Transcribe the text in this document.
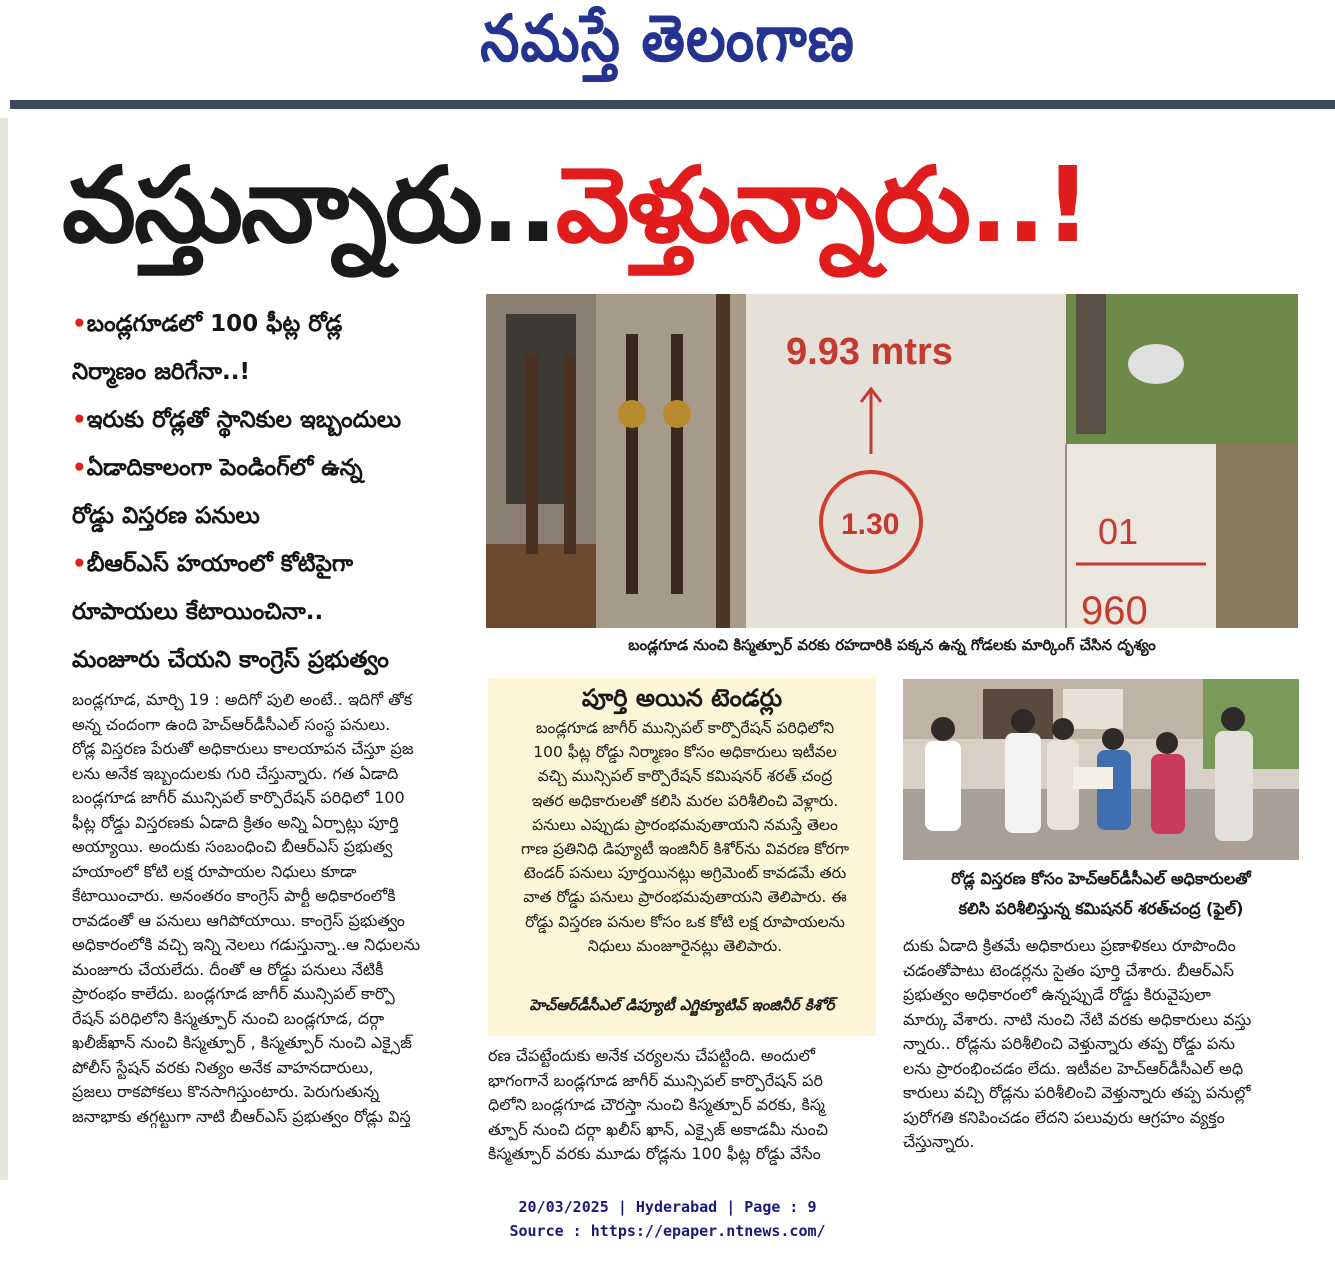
నమస్తే తెలంగాణ
వస్తున్నారు..వెళ్తున్నారు..!
•బండ్లగూడలో 100 ఫీట్ల రోడ్ల
నిర్మాణం జరిగేనా..!
•ఇరుకు రోడ్లతో స్థానికుల ఇబ్బందులు
•ఏడాదికాలంగా పెండింగ్‌లో ఉన్న
రోడ్డు విస్తరణ పనులు
•బీఆర్ఎస్ హయాంలో కోటిపైగా
రూపాయలు కేటాయించినా..
మంజూరు చేయని కాంగ్రెస్ ప్రభుత్వం
9.93 mtrs
1.30	01
960
బండ్లగూడ నుంచి కిస్మత్పూర్ వరకు రహదారికి పక్కన ఉన్న గోడలకు మార్కింగ్ చేసిన దృశ్యం

బండ్లగూడ, మార్చి 19 : అదిగో పులి అంటే.. ఇదిగో తోక

అన్న చందంగా ఉంది హెచ్ఆర్‌డీసీఎల్ సంస్థ పనులు.

రోడ్ల విస్తరణ పేరుతో అధికారులు కాలయాపన చేస్తూ ప్రజ

లను అనేక ఇబ్బందులకు గురి చేస్తున్నారు. గత ఏడాది

బండ్లగూడ జాగీర్ మున్సిపల్ కార్పొరేషన్ పరిధిలో 100

ఫీట్ల రోడ్డు విస్తరణకు ఏడాది క్రితం అన్ని ఏర్పాట్లు పూర్తి

అయ్యాయి. అందుకు సంబంధించి బీఆర్ఎస్ ప్రభుత్వ

హయాంలో కోటి లక్ష రూపాయల నిధులు కూడా

కేటాయించారు. అనంతరం కాంగ్రెస్ పార్టీ అధికారంలోకి

రావడంతో ఆ పనులు ఆగిపోయాయి. కాంగ్రెస్ ప్రభుత్వం

అధికారంలోకి వచ్చి ఇన్ని నెలలు గడుస్తున్నా..ఆ నిధులను

మంజూరు చేయలేదు. దీంతో ఆ రోడ్డు పనులు నేటికీ

ప్రారంభం కాలేదు. బండ్లగూడ జాగీర్ మున్సిపల్ కార్పొ

రేషన్ పరిధిలోని కిస్మత్పూర్ నుంచి బండ్లగూడ, దర్గా

ఖలీజ్‌ఖాన్ నుంచి కిస్మత్పూర్ , కిస్మత్పూర్ నుంచి ఎక్సైజ్

పోలీస్ స్టేషన్ వరకు నిత్యం అనేక వాహనదారులు,

ప్రజలు రాకపోకలు కొనసాగిస్తుంటారు. పెరుగుతున్న

జనాభాకు తగ్గట్టుగా నాటి బీఆర్ఎస్ ప్రభుత్వం రోడ్లు విస్త

పూర్తి అయిన టెండర్లు

బండ్లగూడ జాగీర్ మున్సిపల్ కార్పొరేషన్ పరిధిలోని

100 ఫీట్ల రోడ్డు నిర్మాణం కోసం అధికారులు ఇటీవల

వచ్చి మున్సిపల్ కార్పొరేషన్ కమిషనర్ శరత్ చంద్ర

ఇతర అధికారులతో కలిసి మరల పరిశీలించి వెళ్లారు.

పనులు ఎప్పుడు ప్రారంభమవుతాయని నమస్తే తెలం

గాణ ప్రతినిధి డిప్యూటీ ఇంజినీర్ కిశోర్‌ను వివరణ కోరగా

టెండర్ పనులు పూర్తయినట్లు అగ్రిమెంట్ కావడమే తరు

వాత రోడ్డు పనులు ప్రారంభమవుతాయని తెలిపారు. ఈ

రోడ్డు విస్తరణ పనుల కోసం ఒక కోటి లక్ష రూపాయలను

నిధులు మంజూరైనట్లు తెలిపారు.

హెచ్ఆర్‌డీసీఎల్ డిప్యూటీ ఎగ్జిక్యూటివ్ ఇంజినీర్ కిశోర్

రోడ్ల విస్తరణ కోసం హెచ్ఆర్‌డీసీఎల్ అధికారులతో

కలిసి పరిశీలిస్తున్న కమిషనర్ శరత్‌చంద్ర (ఫైల్)

రణ చేపట్టేందుకు అనేక చర్యలను చేపట్టింది. అందులో

భాగంగానే బండ్లగూడ జాగీర్ మున్సిపల్ కార్పొరేషన్ పరి

ధిలోని బండ్లగూడ చౌరస్తా నుంచి కిస్మత్పూర్ వరకు, కిస్మ

త్పూర్ నుంచి దర్గా ఖలీస్ ఖాన్, ఎక్సైజ్ అకాడమీ నుంచి

కిస్మత్పూర్ వరకు మూడు రోడ్లను 100 ఫీట్ల రోడ్డు వేసేం

దుకు ఏడాది క్రితమే అధికారులు ప్రణాళికలు రూపొందిం

చడంతోపాటు టెండర్లను సైతం పూర్తి చేశారు. బీఆర్ఎస్

ప్రభుత్వం అధికారంలో ఉన్నప్పుడే రోడ్డు కిరువైపులా

మార్కు వేశారు. నాటి నుంచి నేటి వరకు అధికారులు వస్తు

న్నారు.. రోడ్లను పరిశీలించి వెళ్తున్నారు తప్ప రోడ్డు పను

లను ప్రారంభించడం లేదు. ఇటీవల హెచ్ఆర్‌డీసీఎల్ అధి

కారులు వచ్చి రోడ్లను పరిశీలించి వెళ్తున్నారు తప్ప పనుల్లో

పురోగతి కనిపించడం లేదని పలువురు ఆగ్రహం వ్యక్తం

చేస్తున్నారు.

20/03/2025 | Hyderabad | Page : 9
Source : https://epaper.ntnews.com/
